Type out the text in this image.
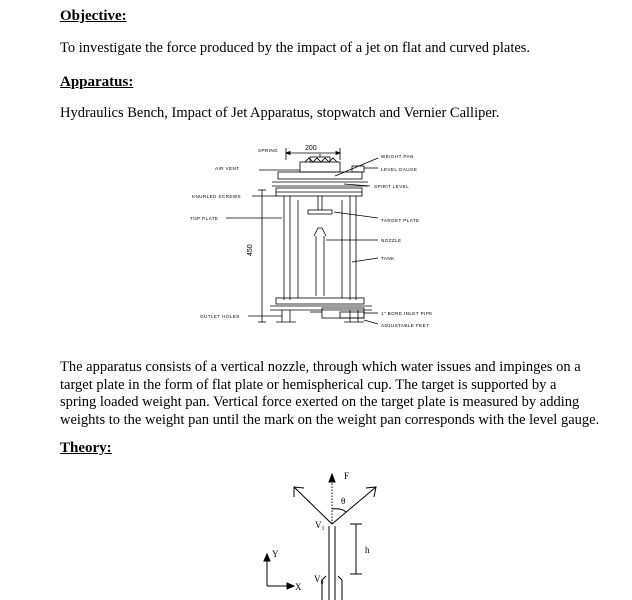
Objective:
To investigate the force produced by the impact of a jet on flat and curved plates.
Apparatus:
Hydraulics Bench, Impact of Jet Apparatus, stopwatch and Vernier Calliper.
200
450
SPRING
AIR VENT
KNURLED SCREWS
TOP PLATE
OUTLET HOLES
WEIGHT PAN
LEVEL GAUGE
SPIRIT LEVEL
TARGET PLATE
NOZZLE
TANK
1" BORE INLET PIPE
ADJUSTABLE FEET
The apparatus consists of a vertical nozzle, through which water issues and impinges on a
target plate in the form of flat plate or hemispherical cup. The target is supported by a
spring loaded weight pan. Vertical force exerted on the target plate is measured by adding
weights to the weight pan until the mark on the weight pan corresponds with the level gauge.
Theory:
F
θ
V₁
h
Y
X
V₀
